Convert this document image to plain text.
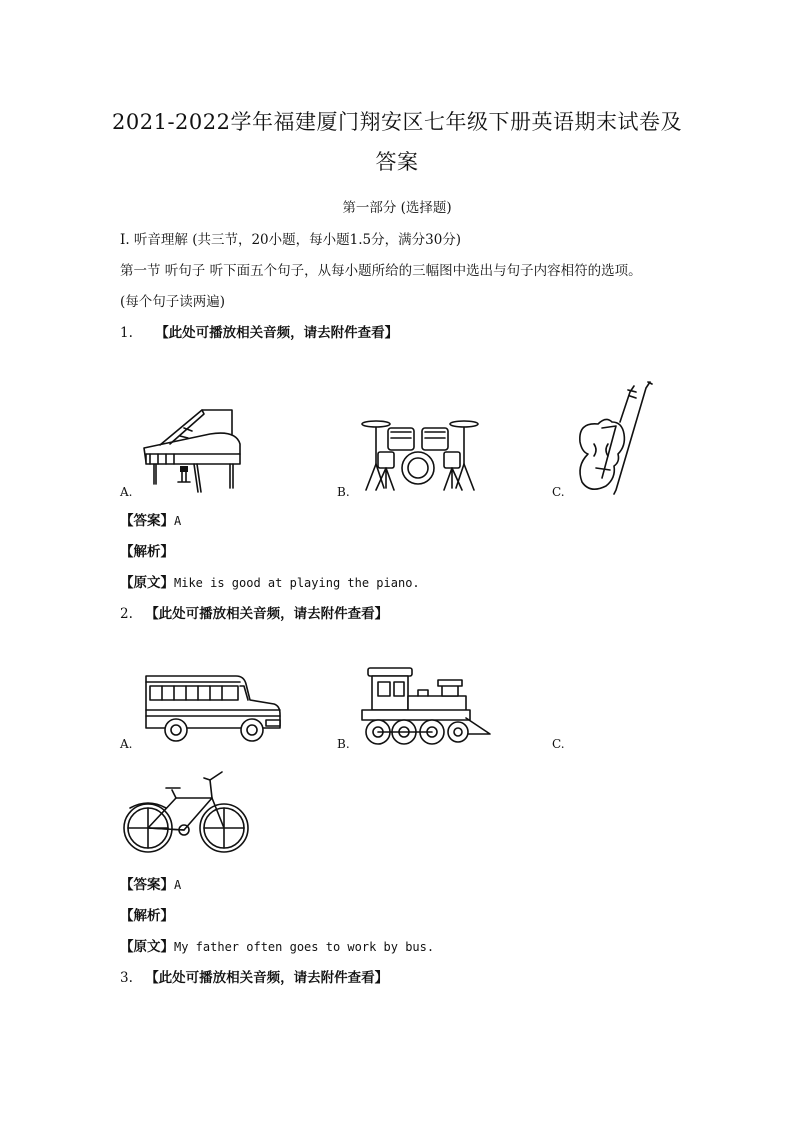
2021-2022学年福建厦门翔安区七年级下册英语期末试卷及
答案
第一部分 (选择题)
I. 听音理解 (共三节，20小题，每小题1.5分，满分30分)
第一节 听句子 听下面五个句子，从每小题所给的三幅图中选出与句子内容相符的选项。
(每个句子读两遍)
1. 【此处可播放相关音频，请去附件查看】
A.	B.	C.
【答案】A
【解析】
【原文】Mike is good at playing the piano.
2. 【此处可播放相关音频，请去附件查看】
A.	B.	C.
【答案】A
【解析】
【原文】My father often goes to work by bus.
3. 【此处可播放相关音频，请去附件查看】
